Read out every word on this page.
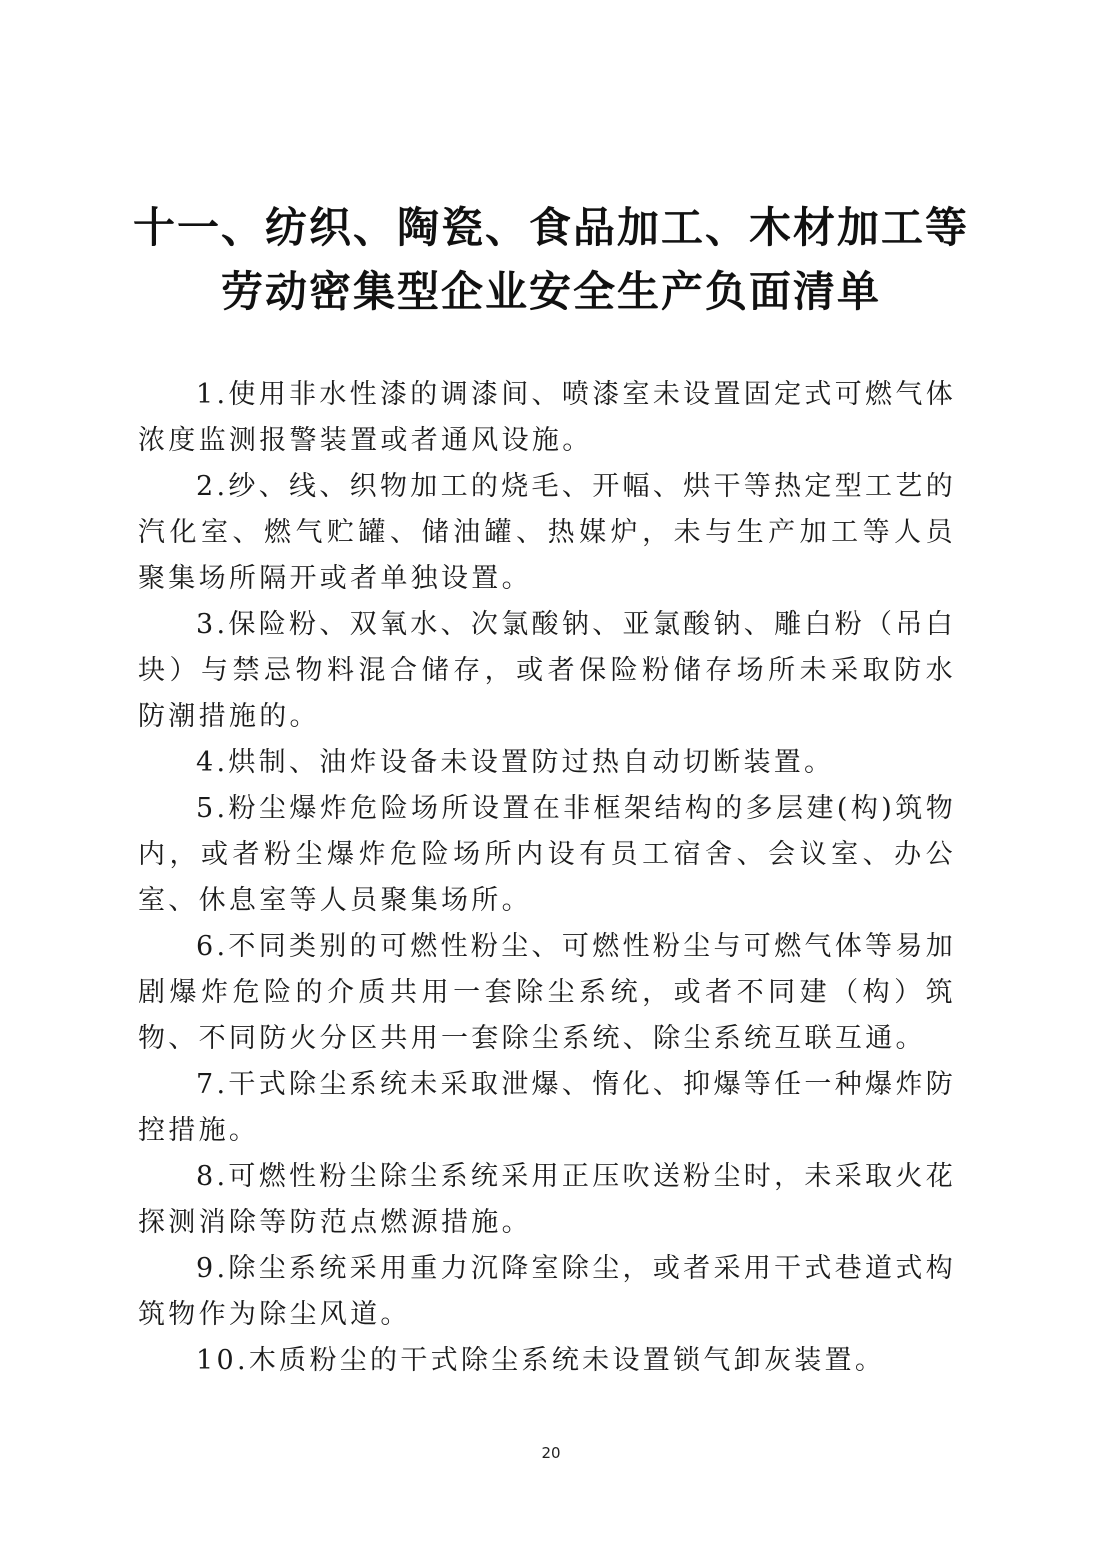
十一、纺织、陶瓷、食品加工、木材加工等
劳动密集型企业安全生产负面清单

1.使用非水性漆的调漆间、喷漆室未设置固定式可燃气体浓度监测报警装置或者通风设施。

2.纱、线、织物加工的烧毛、开幅、烘干等热定型工艺的汽化室、燃气贮罐、储油罐、热媒炉，未与生产加工等人员聚集场所隔开或者单独设置。

3.保险粉、双氧水、次氯酸钠、亚氯酸钠、雕白粉（吊白块）与禁忌物料混合储存，或者保险粉储存场所未采取防水防潮措施的。

4.烘制、油炸设备未设置防过热自动切断装置。

5.粉尘爆炸危险场所设置在非框架结构的多层建(构)筑物内，或者粉尘爆炸危险场所内设有员工宿舍、会议室、办公室、休息室等人员聚集场所。

6.不同类别的可燃性粉尘、可燃性粉尘与可燃气体等易加剧爆炸危险的介质共用一套除尘系统，或者不同建（构）筑物、不同防火分区共用一套除尘系统、除尘系统互联互通。

7.干式除尘系统未采取泄爆、惰化、抑爆等任一种爆炸防控措施。

8.可燃性粉尘除尘系统采用正压吹送粉尘时，未采取火花探测消除等防范点燃源措施。

9.除尘系统采用重力沉降室除尘，或者采用干式巷道式构筑物作为除尘风道。

10.木质粉尘的干式除尘系统未设置锁气卸灰装置。

20
